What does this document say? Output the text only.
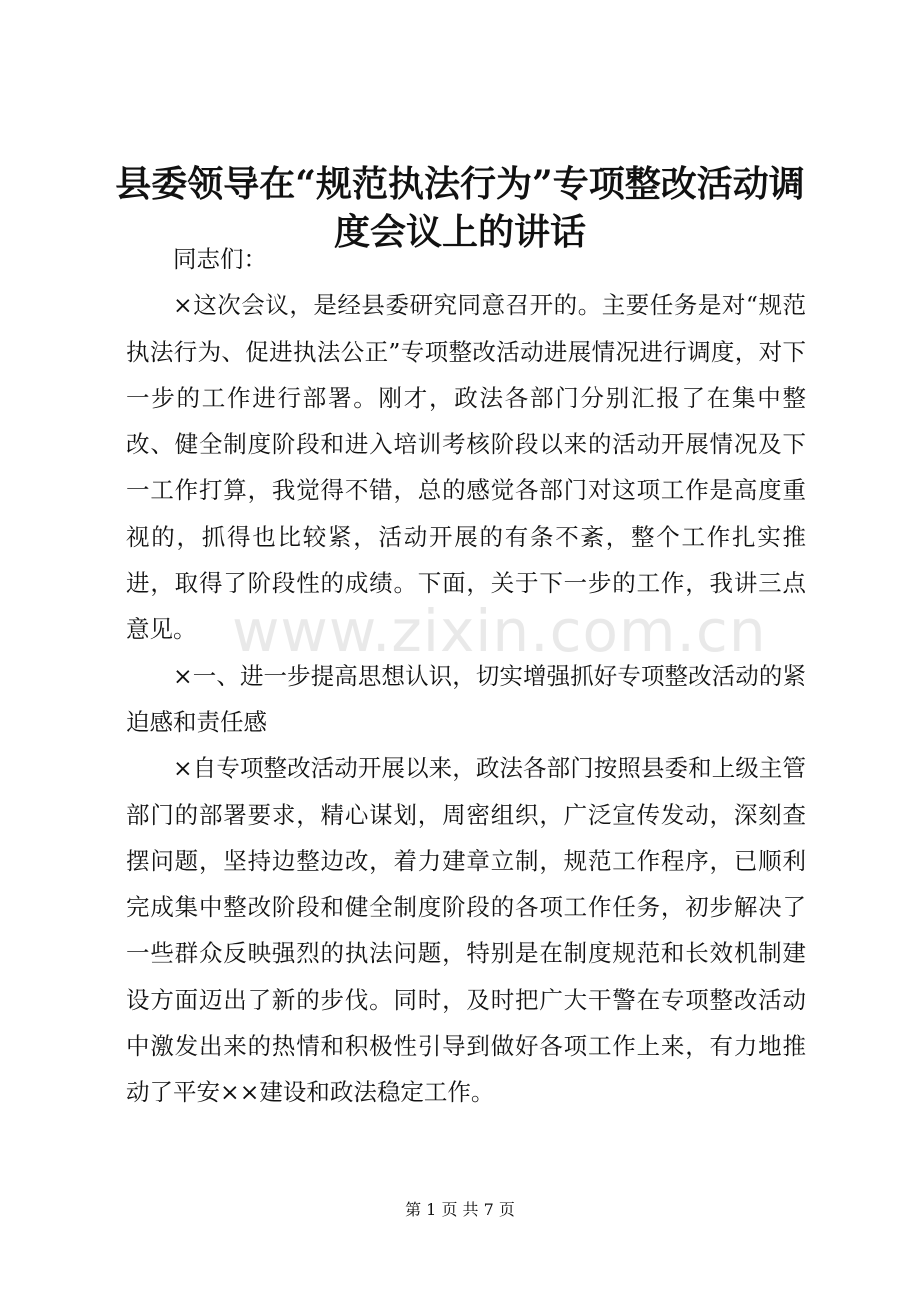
县委领导在“规范执法行为”专项整改活动调度会议上的讲话

同志们：

×这次会议，是经县委研究同意召开的。主要任务是对“规范执法行为、促进执法公正”专项整改活动进展情况进行调度，对下一步的工作进行部署。刚才，政法各部门分别汇报了在集中整改、健全制度阶段和进入培训考核阶段以来的活动开展情况及下一工作打算，我觉得不错，总的感觉各部门对这项工作是高度重视的，抓得也比较紧，活动开展的有条不紊，整个工作扎实推进，取得了阶段性的成绩。下面，关于下一步的工作，我讲三点意见。

×一、进一步提高思想认识，切实增强抓好专项整改活动的紧迫感和责任感

×自专项整改活动开展以来，政法各部门按照县委和上级主管部门的部署要求，精心谋划，周密组织，广泛宣传发动，深刻查摆问题，坚持边整边改，着力建章立制，规范工作程序，已顺利完成集中整改阶段和健全制度阶段的各项工作任务，初步解决了一些群众反映强烈的执法问题，特别是在制度规范和长效机制建设方面迈出了新的步伐。同时，及时把广大干警在专项整改活动中激发出来的热情和积极性引导到做好各项工作上来，有力地推动了平安××建设和政法稳定工作。

www.zixin.com.cn
第 1 页 共 7 页
